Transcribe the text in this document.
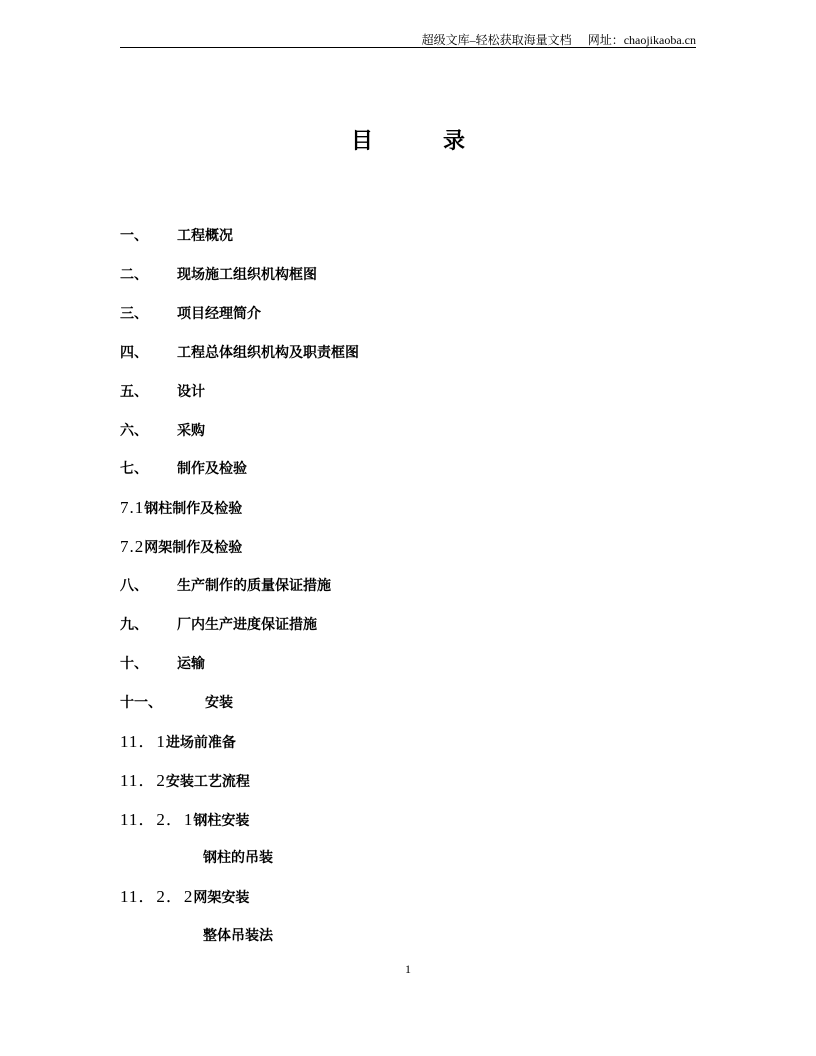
超级文库–轻松获取海量文档 网址：chaojikaoba.cn
目	录
一、 工程概况
二、 现场施工组织机构框图
三、 项目经理简介
四、 工程总体组织机构及职责框图
五、 设计
六、 采购
七、 制作及检验
7.1钢柱制作及检验
7.2网架制作及检验
八、 生产制作的质量保证措施
九、 厂内生产进度保证措施
十、 运输
十一、	安装
11．1进场前准备
11．2安装工艺流程
11．2．1钢柱安装
钢柱的吊装
11．2．2网架安装
整体吊装法
1
